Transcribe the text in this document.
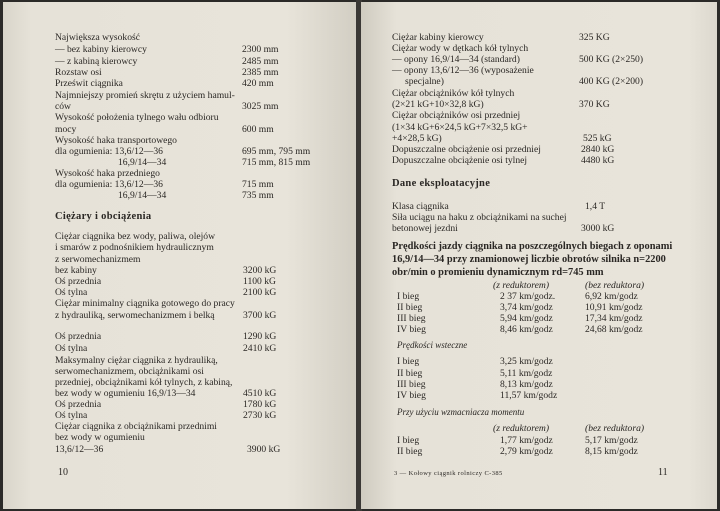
Największa wysokość
— bez kabiny kierowcy	2300 mm
— z kabiną kierowcy	2485 mm
Rozstaw osi	2385 mm
Prześwit ciągnika	420 mm
Najmniejszy promień skrętu z użyciem hamul-
ców	3025 mm
Wysokość położenia tylnego wału odbioru
mocy	600 mm
Wysokość haka transportowego
dla ogumienia: 13,6/12—36	695 mm, 795 mm
16,9/14—34	715 mm, 815 mm
Wysokość haka przedniego
dla ogumienia: 13,6/12—36	715 mm
16,9/14—34	735 mm
Ciężary i obciążenia
Ciężar ciągnika bez wody, paliwa, olejów
i smarów z podnośnikiem hydraulicznym
z serwomechanizmem
bez kabiny	3200 kG
Oś przednia	1100 kG
Oś tylna	2100 kG
Ciężar minimalny ciągnika gotowego do pracy
z hydrauliką, serwomechanizmem i belką	3700 kG
Oś przednia	1290 kG
Oś tylna	2410 kG
Maksymalny ciężar ciągnika z hydrauliką,
serwomechanizmem, obciążnikami osi
przedniej, obciążnikami kół tylnych, z kabiną,
bez wody w ogumieniu 16,9/13—34	4510 kG
Oś przednia	1780 kG
Oś tylna	2730 kG
Ciężar ciągnika z obciążnikami przednimi
bez wody w ogumieniu
13,6/12—36	3900 kG
10
Ciężar kabiny kierowcy	325 KG
Ciężar wody w dętkach kół tylnych
— opony 16,9/14—34 (standard)	500 KG (2×250)
— opony 13,6/12—36 (wyposażenie
specjalne)	400 KG (2×200)
Ciężar obciążników kół tylnych
(2×21 kG+10×32,8 kG)	370 KG
Ciężar obciążników osi przedniej
(1×34 kG+6×24,5 kG+7×32,5 kG+
+4×28,5 kG)	525 kG
Dopuszczalne obciążenie osi przedniej	2840 kG
Dopuszczalne obciążenie osi tylnej	4480 kG
Dane eksploatacyjne
Klasa ciągnika	1,4 T
Siła uciągu na haku z obciążnikami na suchej
betonowej jezdni	3000 kG
Prędkości jazdy ciągnika na poszczególnych biegach z oponami
16,9/14—34 przy znamionowej liczbie obrotów silnika n=2200
obr/min o promieniu dynamicznym rd=745 mm
(z reduktorem)	(bez reduktora)
I bieg	2 37 km/godz.	6,92 km/godz
II bieg	3,74 km/godz	10,91 km/godz
III bieg	5,94 km/godz	17,34 km/godz
IV bieg	8,46 km/godz	24,68 km/godz
Prędkości wsteczne
I bieg	3,25 km/godz
II bieg	5,11 km/godz
III bieg	8,13 km/godz
IV bieg	11,57 km/godz
Przy użyciu wzmacniacza momentu
(z reduktorem)	(bez reduktora)
I bieg	1,77 km/godz	5,17 km/godz
II bieg	2,79 km/godz	8,15 km/godz
3 — Kołowy ciągnik rolniczy C-385	11
